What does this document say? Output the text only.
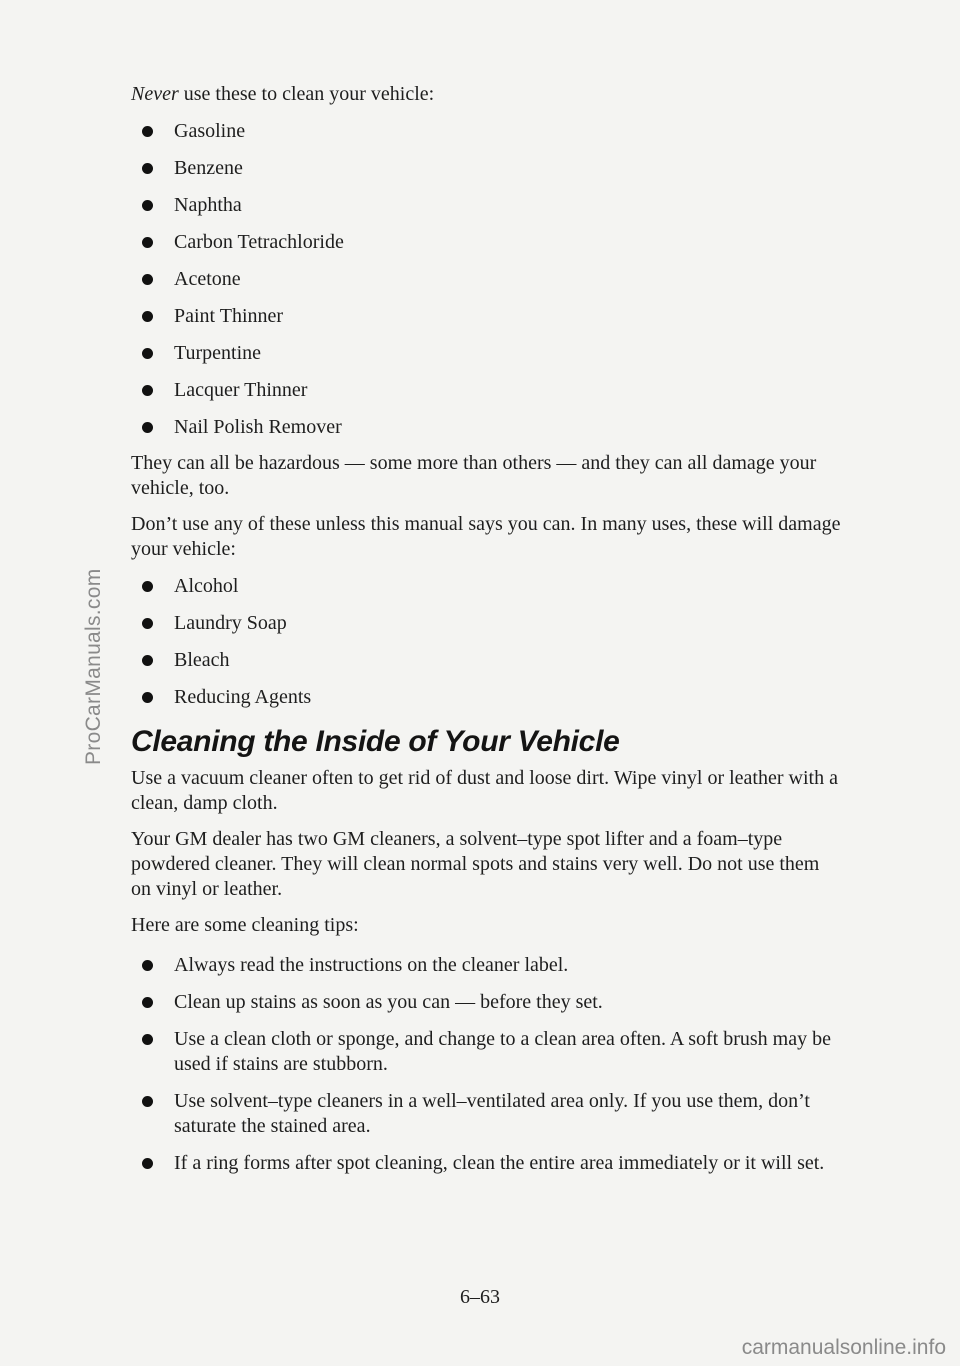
ProCarManuals.com

Never use these to clean your vehicle:

Gasoline
Benzene
Naphtha
Carbon Tetrachloride
Acetone
Paint Thinner
Turpentine
Lacquer Thinner
Nail Polish Remover

They can all be hazardous — some more than others — and they can all damage your vehicle, too.

Don’t use any of these unless this manual says you can. In many uses, these will damage your vehicle:

Alcohol
Laundry Soap
Bleach
Reducing Agents
Cleaning the Inside of Your Vehicle

Use a vacuum cleaner often to get rid of dust and loose dirt. Wipe vinyl or leather with a clean, damp cloth.

Your GM dealer has two GM cleaners, a solvent–type spot lifter and a foam–type powdered cleaner. They will clean normal spots and stains very well. Do not use them on vinyl or leather.

Here are some cleaning tips:

Always read the instructions on the cleaner label.
Clean up stains as soon as you can — before they set.
Use a clean cloth or sponge, and change to a clean area often. A soft brush may be used if stains are stubborn.
Use solvent–type cleaners in a well–ventilated area only. If you use them, don’t saturate the stained area.
If a ring forms after spot cleaning, clean the entire area immediately or it will set.
6–63
carmanualsonline.info
